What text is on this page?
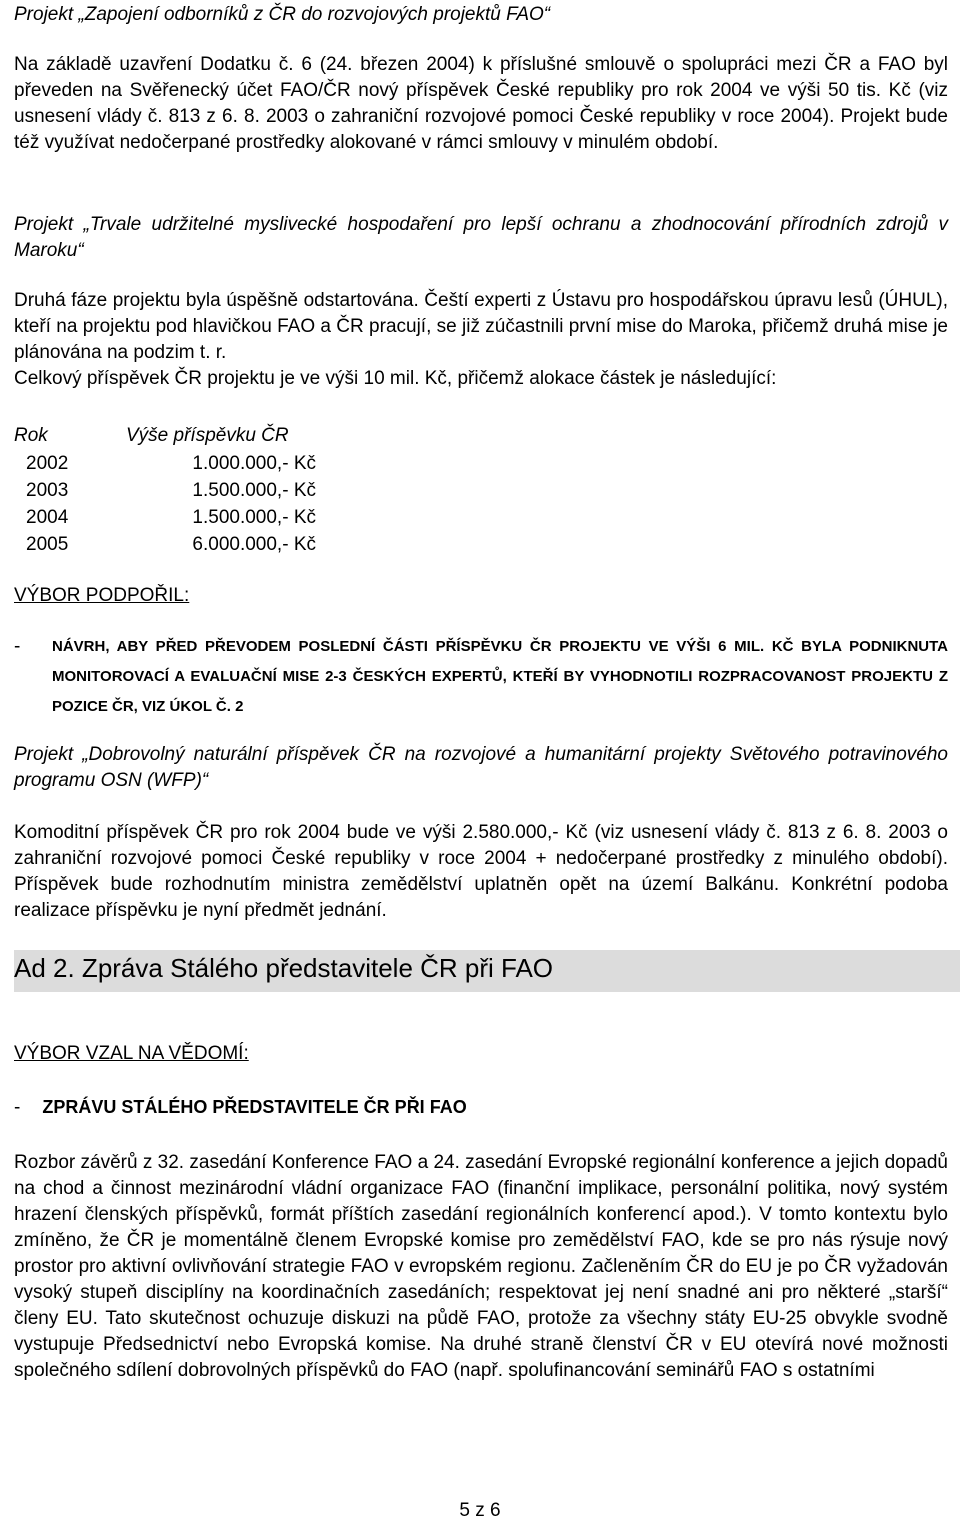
Projekt „Zapojení odborníků z ČR do rozvojových projektů FAO“

Na základě uzavření Dodatku č. 6 (24. březen 2004) k příslušné smlouvě o spolupráci mezi ČR a FAO byl převeden na Svěřenecký účet FAO/ČR nový příspěvek České republiky pro rok 2004 ve výši 50 tis. Kč (viz usnesení vlády č. 813 z 6. 8. 2003 o zahraniční rozvojové pomoci České republiky v roce 2004). Projekt bude též využívat nedočerpané prostředky alokované v rámci smlouvy v minulém období.

Projekt „Trvale udržitelné myslivecké hospodaření pro lepší ochranu a zhodnocování přírodních zdrojů v Maroku“

Druhá fáze projektu byla úspěšně odstartována. Čeští experti z Ústavu pro hospodářskou úpravu lesů (ÚHUL), kteří na projektu pod hlavičkou FAO a ČR pracují, se již zúčastnili první mise do Maroka, přičemž druhá mise je plánována na podzim t. r.

Celkový příspěvek ČR projektu je ve výši 10 mil. Kč, přičemž alokace částek je následující:

Rok	Výše příspěvku ČR
2002	1.000.000,- Kč
2003	1.500.000,- Kč
2004	1.500.000,- Kč
2005	6.000.000,- Kč
VÝBOR PODPOŘIL:
- NÁVRH, ABY PŘED PŘEVODEM POSLEDNÍ ČÁSTI PŘÍSPĚVKU ČR PROJEKTU VE VÝŠI 6 MIL. KČ BYLA PODNIKNUTA MONITOROVACÍ A EVALUAČNÍ MISE 2-3 ČESKÝCH EXPERTŮ, KTEŘÍ BY VYHODNOTILI ROZPRACOVANOST PROJEKTU Z POZICE ČR, VIZ ÚKOL Č. 2

Projekt „Dobrovolný naturální příspěvek ČR na rozvojové a humanitární projekty Světového potravinového programu OSN (WFP)“

Komoditní příspěvek ČR pro rok 2004 bude ve výši 2.580.000,- Kč (viz usnesení vlády č. 813 z 6. 8. 2003 o zahraniční rozvojové pomoci České republiky v roce 2004 + nedočerpané prostředky z minulého období). Příspěvek bude rozhodnutím ministra zemědělství uplatněn opět na území Balkánu. Konkrétní podoba realizace příspěvku je nyní předmět jednání.

Ad 2. Zpráva Stálého představitele ČR při FAO
VÝBOR VZAL NA VĚDOMÍ:
- ZPRÁVU STÁLÉHO PŘEDSTAVITELE ČR PŘI FAO

Rozbor závěrů z 32. zasedání Konference FAO a 24. zasedání Evropské regionální konference a jejich dopadů na chod a činnost mezinárodní vládní organizace FAO (finanční implikace, personální politika, nový systém hrazení členských příspěvků, formát příštích zasedání regionálních konferencí apod.). V tomto kontextu bylo zmíněno, že ČR je momentálně členem Evropské komise pro zemědělství FAO, kde se pro nás rýsuje nový prostor pro aktivní ovlivňování strategie FAO v evropském regionu. Začleněním ČR do EU je po ČR vyžadován vysoký stupeň disciplíny na koordinačních zasedáních; respektovat jej není snadné ani pro některé „starší“ členy EU. Tato skutečnost ochuzuje diskuzi na půdě FAO, protože za všechny státy EU-25 obvykle svodně vystupuje Předsednictví nebo Evropská komise. Na druhé straně členství ČR v EU otevírá nové možnosti společného sdílení dobrovolných příspěvků do FAO (např. spolufinancování seminářů FAO s ostatními

5 z 6
